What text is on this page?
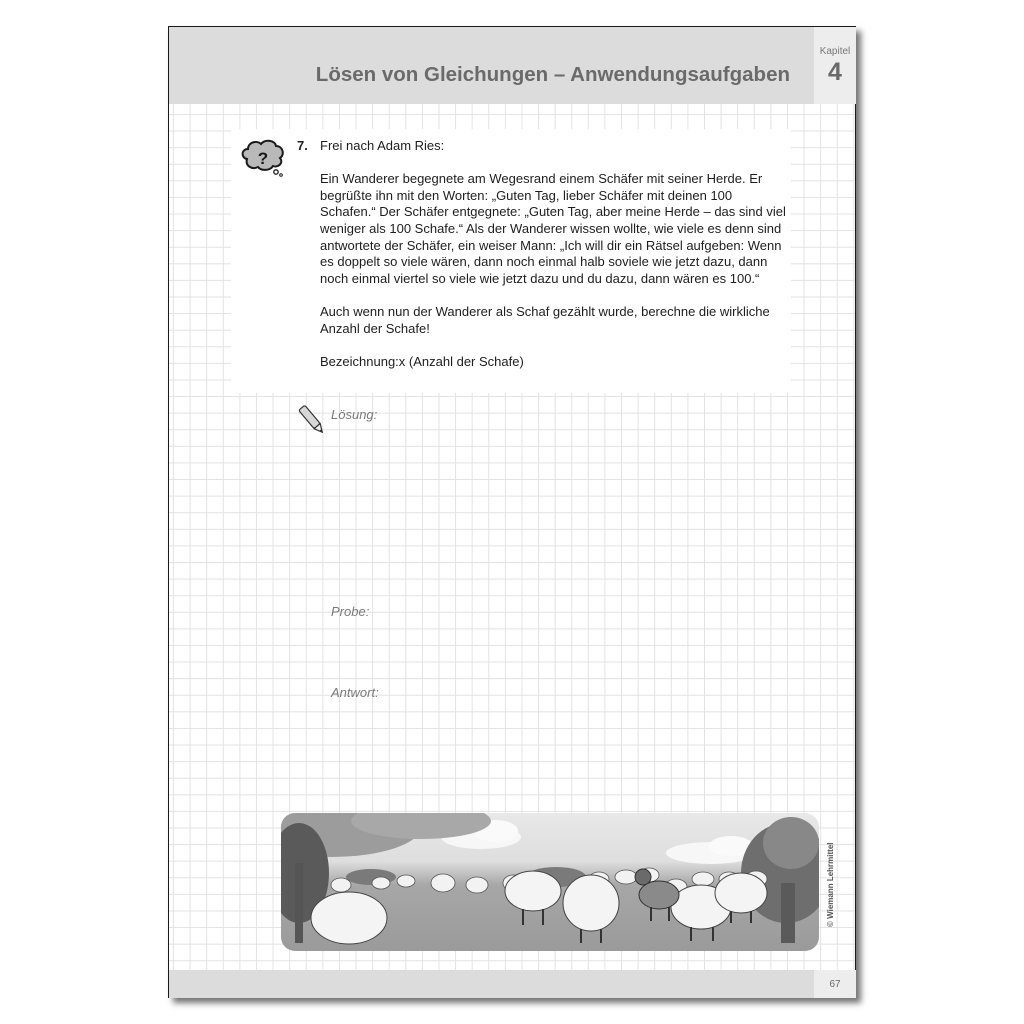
Lösen von Gleichungen – Anwendungsaufgaben
Kapitel
4
?
7. Frei nach Adam Ries:

Ein Wanderer begegnete am Wegesrand einem Schäfer mit seiner Herde. Er begrüßte ihn mit den Worten: „Guten Tag, lieber Schäfer mit deinen 100 Schafen.“ Der Schäfer entgegnete: „Guten Tag, aber meine Herde – das sind viel weniger als 100 Schafe.“ Als der Wanderer wissen wollte, wie viele es denn sind antwortete der Schäfer, ein weiser Mann: „Ich will dir ein Rätsel aufgeben: Wenn es doppelt so viele wären, dann noch einmal halb soviele wie jetzt dazu, dann noch einmal viertel so viele wie jetzt dazu und du dazu, dann wären es 100.“

Auch wenn nun der Wanderer als Schaf gezählt wurde, berechne die wirkliche Anzahl der Schafe!

Bezeichnung:x (Anzahl der Schafe)

Lösung:
Probe:
Antwort:
© Wiemann Lehrmittel
67
